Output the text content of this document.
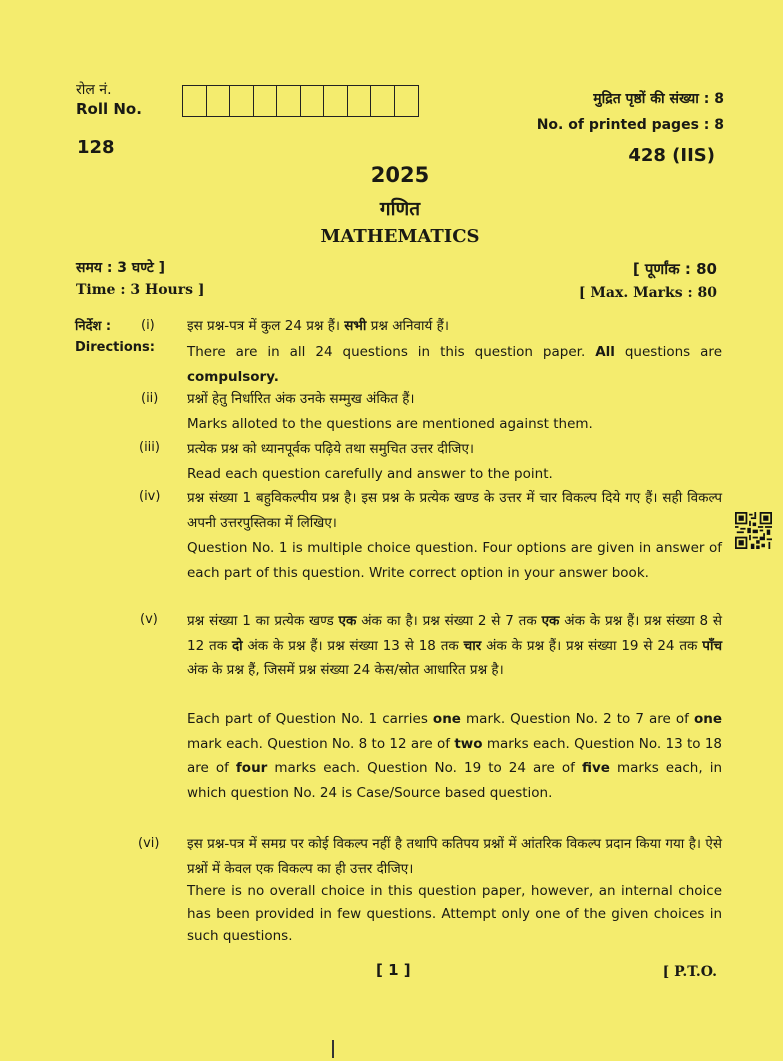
रोल नं.
Roll No.
128
मुद्रित पृष्ठों की संख्या : 8
No. of printed pages : 8
428 (IIS)
2025
गणित
MATHEMATICS
समय : 3 घण्टे ]
Time : 3 Hours ]
[ पूर्णांक : 80
[ Max. Marks : 80
निर्देश :
Directions:
(i) इस प्रश्न-पत्र में कुल 24 प्रश्न हैं। सभी प्रश्न अनिवार्य हैं।
There are in all 24 questions in this question paper. All questions are compulsory.
(ii) प्रश्नों हेतु निर्धारित अंक उनके सम्मुख अंकित हैं।
Marks alloted to the questions are mentioned against them.
(iii) प्रत्येक प्रश्न को ध्यानपूर्वक पढ़िये तथा समुचित उत्तर दीजिए।
Read each question carefully and answer to the point.
(iv) प्रश्न संख्या 1 बहुविकल्पीय प्रश्न है। इस प्रश्न के प्रत्येक खण्ड के उत्तर में चार विकल्प दिये गए हैं। सही विकल्प अपनी उत्तरपुस्तिका में लिखिए।
Question No. 1 is multiple choice question. Four options are given in answer of each part of this question. Write correct option in your answer book.
(v) प्रश्न संख्या 1 का प्रत्येक खण्ड एक अंक का है। प्रश्न संख्या 2 से 7 तक एक अंक के प्रश्न हैं। प्रश्न संख्या 8 से 12 तक दो अंक के प्रश्न हैं। प्रश्न संख्या 13 से 18 तक चार अंक के प्रश्न हैं। प्रश्न संख्या 19 से 24 तक पाँच अंक के प्रश्न हैं, जिसमें प्रश्न संख्या 24 केस/स्रोत आधारित प्रश्न है।
Each part of Question No. 1 carries one mark. Question No. 2 to 7 are of one mark each. Question No. 8 to 12 are of two marks each. Question No. 13 to 18 are of four marks each. Question No. 19 to 24 are of five marks each, in which question No. 24 is Case/Source based question.
(vi) इस प्रश्न-पत्र में समग्र पर कोई विकल्प नहीं है तथापि कतिपय प्रश्नों में आंतरिक विकल्प प्रदान किया गया है। ऐसे प्रश्नों में केवल एक विकल्प का ही उत्तर दीजिए।
There is no overall choice in this question paper, however, an internal choice has been provided in few questions. Attempt only one of the given choices in such questions.
[ 1 ]	[ P.T.O.
